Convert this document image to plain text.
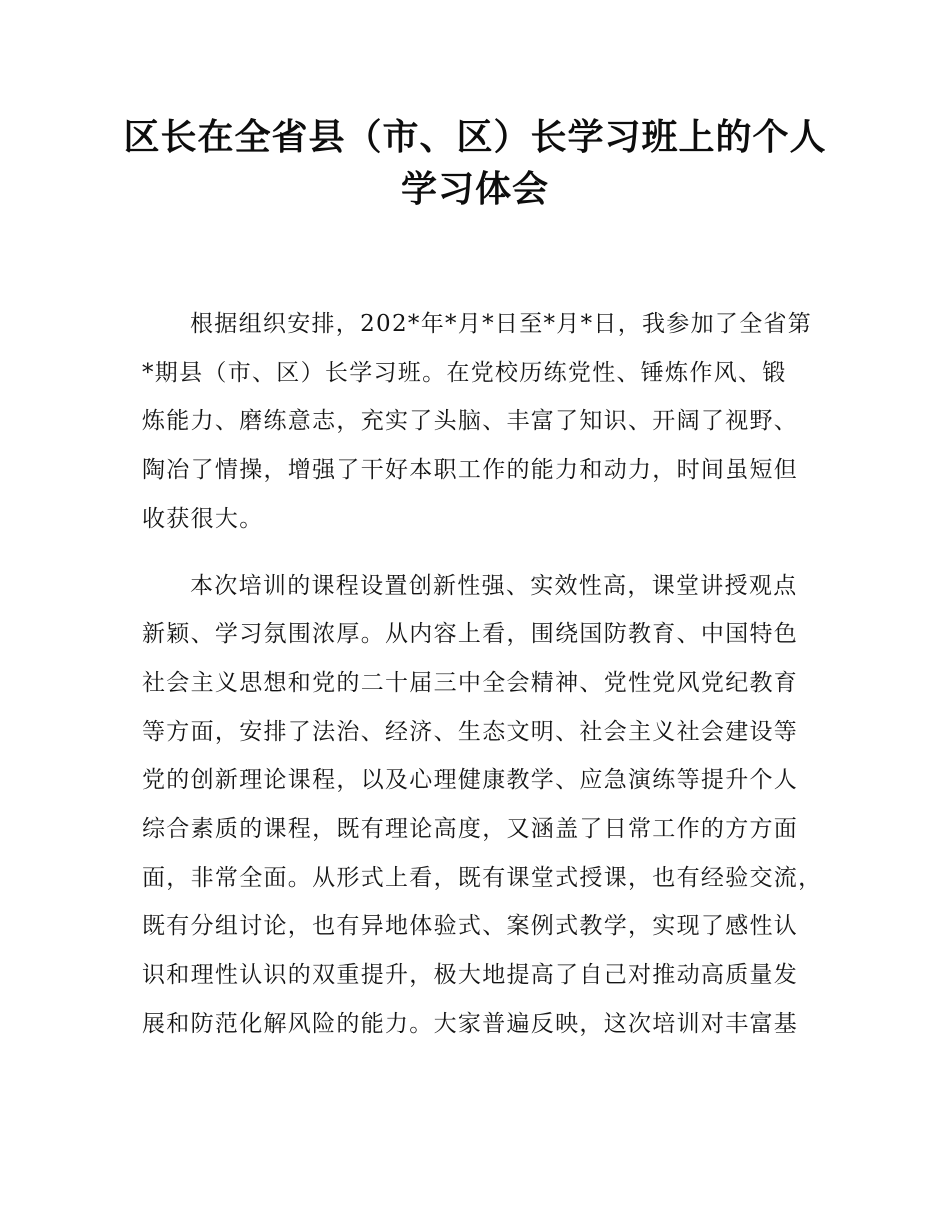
区长在全省县（市、区）长学习班上的个人
学习体会

根据组织安排，202*年*月*日至*月*日，我参加了全省第
*期县（市、区）长学习班。在党校历练党性、锤炼作风、锻
炼能力、磨练意志，充实了头脑、丰富了知识、开阔了视野、
陶冶了情操，增强了干好本职工作的能力和动力，时间虽短但
收获很大。

本次培训的课程设置创新性强、实效性高，课堂讲授观点
新颖、学习氛围浓厚。从内容上看，围绕国防教育、中国特色
社会主义思想和党的二十届三中全会精神、党性党风党纪教育
等方面，安排了法治、经济、生态文明、社会主义社会建设等
党的创新理论课程，以及心理健康教学、应急演练等提升个人
综合素质的课程，既有理论高度，又涵盖了日常工作的方方面
面，非常全面。从形式上看，既有课堂式授课，也有经验交流，
既有分组讨论，也有异地体验式、案例式教学，实现了感性认
识和理性认识的双重提升，极大地提高了自己对推动高质量发
展和防范化解风险的能力。大家普遍反映，这次培训对丰富基
